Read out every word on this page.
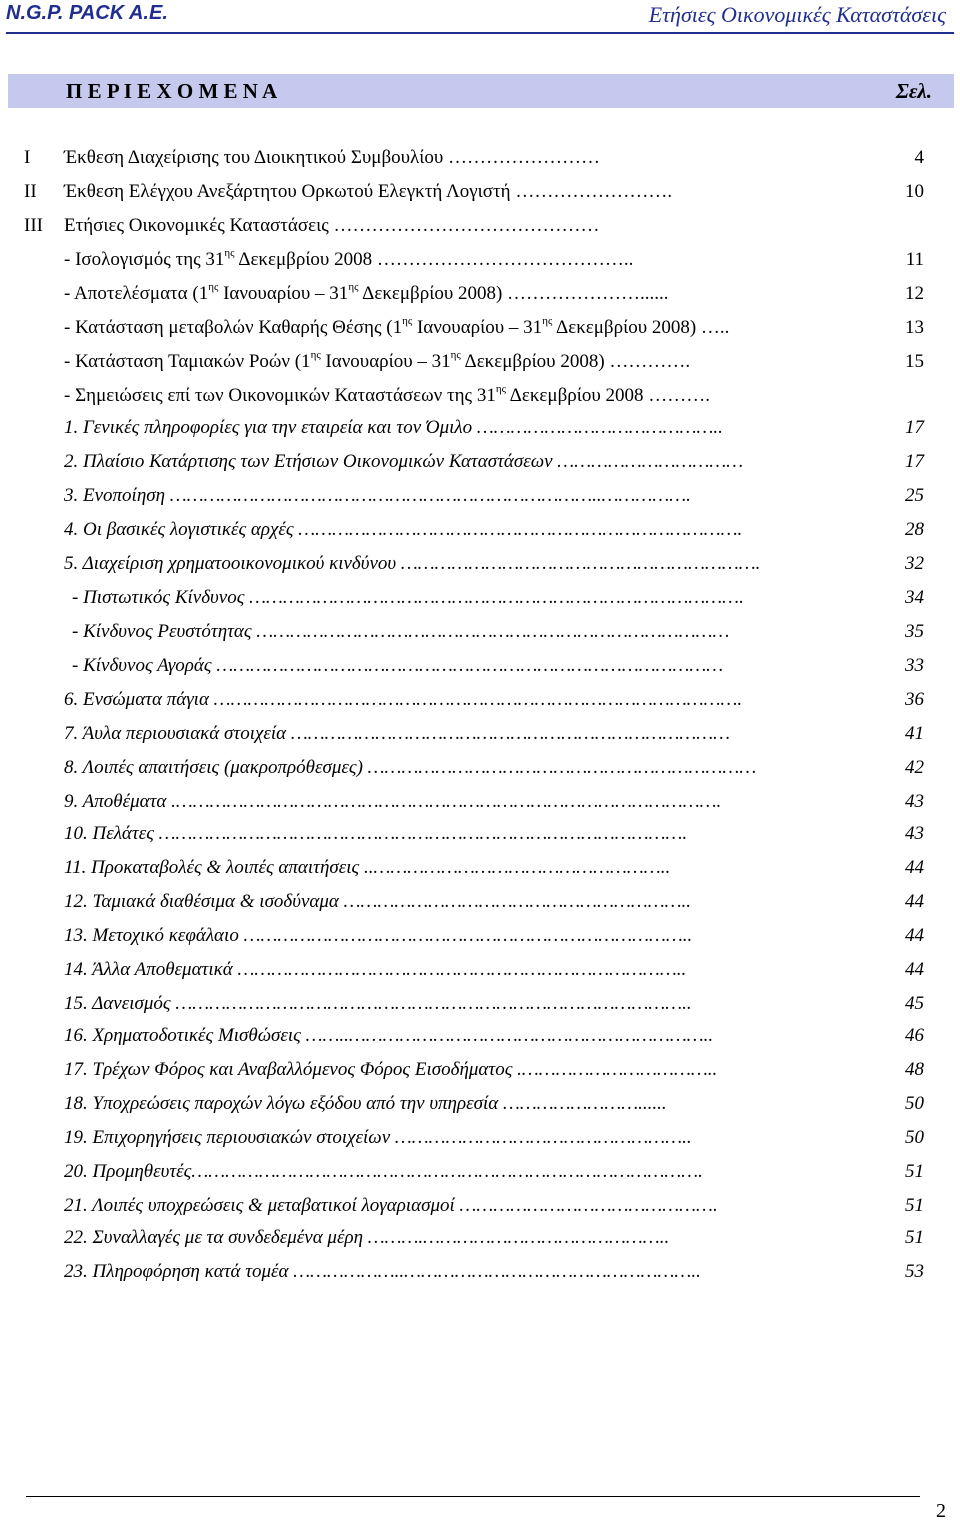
N.G.P. PACK A.E.	Ετήσιες Οικονομικές Καταστάσεις
Π Ε Ρ Ι Ε Χ Ο Μ Ε Ν Α	Σελ.
I Έκθεση Διαχείρισης του Διοικητικού Συμβουλίου ……………………	4
II Έκθεση Ελέγχου Ανεξάρτητου Ορκωτού Ελεγκτή Λογιστή …………………….	10
III Ετήσιες Οικονομικές Καταστάσεις ……………………………………
- Ισολογισμός της $31^{\eta\varsigma}$ Δεκεμβρίου 2008 …………………………………..	11
- Αποτελέσματα ($1^{\eta\varsigma}$ Ιανουαρίου – $31^{\eta\varsigma}$ Δεκεμβρίου 2008) …………………......	12
- Κατάσταση μεταβολών Καθαρής Θέσης ($1^{\eta\varsigma}$ Ιανουαρίου – $31^{\eta\varsigma}$ Δεκεμβρίου 2008) …..	13
- Κατάσταση Ταμιακών Ροών ($1^{\eta\varsigma}$ Ιανουαρίου – $31^{\eta\varsigma}$ Δεκεμβρίου 2008) ………….	15
- Σημειώσεις επί των Οικονομικών Καταστάσεων της $31^{\eta\varsigma}$ Δεκεμβρίου 2008 ……….
1. Γενικές πληροφορίες για την εταιρεία και τον Όμιλο ……………………………………..	17
2. Πλαίσιο Κατάρτισης των Ετήσιων Οικονομικών Καταστάσεων ……………………………	17
3. Ενοποίηση …………………………………………………………………..…………….	25
4. Οι βασικές λογιστικές αρχές …………………………………………………………………….	28
5. Διαχείριση χρηματοοικονομικού κινδύνου ……………………………………………………….	32
- Πιστωτικός Κίνδυνος …………………………………………………………………………….	34
- Κίνδυνος Ρευστότητας …………………………………………………………………………	35
- Κίνδυνος Αγοράς ………………………………………………………………………………	33
6. Ενσώματα πάγια ………………………………………………………………………………….	36
7. Άυλα περιουσιακά στοιχεία ……………………………………………………………………	41
8. Λοιπές απαιτήσεις (μακροπρόθεσμες) ……………………………………………………………	42
9. Αποθέματα .…………………………………………………………………………………….	43
10. Πελάτες ………………………………………………………………………………….	43
11. Προκαταβολές & λοιπές απαιτήσεις ..……………………………………………..	44
12. Ταμιακά διαθέσιμα & ισοδύναμα ……………………………………………………..	44
13. Μετοχικό κεφάλαιο ……………………………………………………………………..	44
14. Άλλα Αποθεματικά ……………………………………………………………………..	44
15. Δανεισμός ………………………………………………………………………………..	45
16. Χρηματοδοτικές Μισθώσεις ……..………………………………………………………..	46
17. Τρέχων Φόρος και Αναβαλλόμενος Φόρος Εισοδήματος .……………………………..	48
18. Υποχρεώσεις παροχών λόγω εξόδου από την υπηρεσία ……………………......	50
19. Επιχορηγήσεις περιουσιακών στοιχείων ……………………………………………..	50
20. Προμηθευτές……………………………………………………………………………….	51
21. Λοιπές υποχρεώσεις & μεταβατικοί λογαριασμοί ……………………………………….	51
22. Συναλλαγές με τα συνδεδεμένα μέρη ……….……………………………………..	51
23. Πληροφόρηση κατά τομέα ………………..……………………………………………..	53
2
